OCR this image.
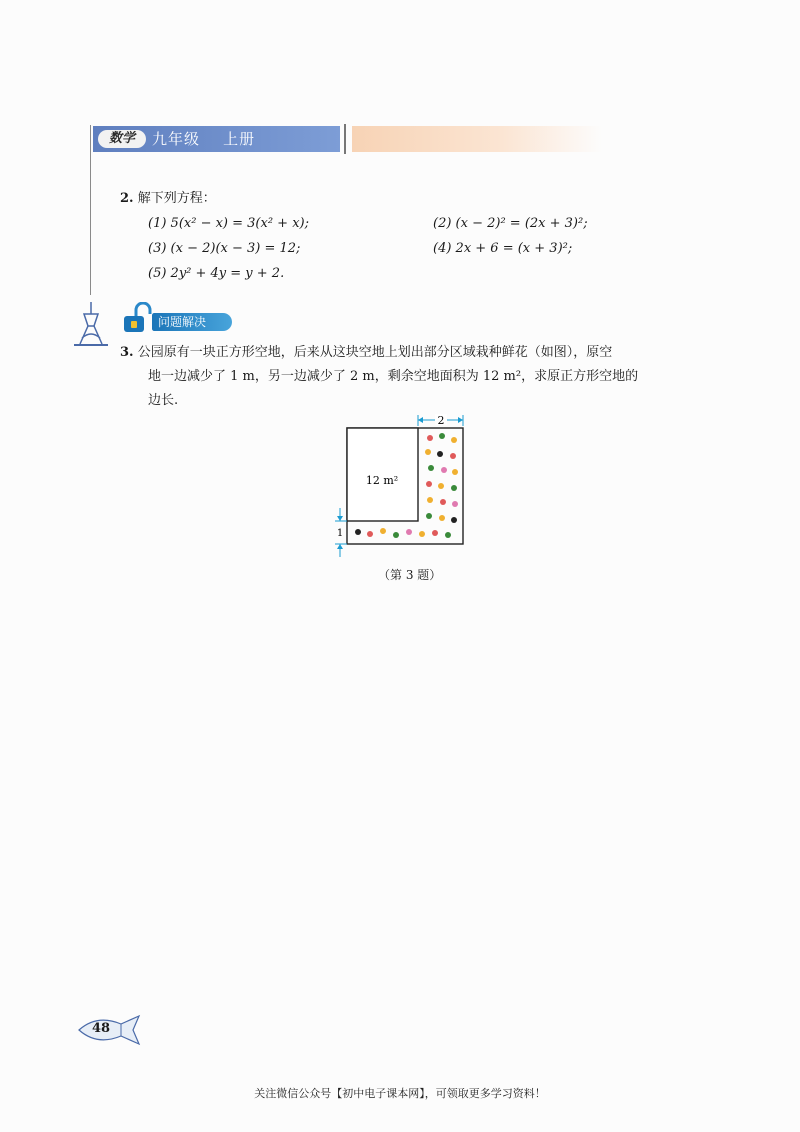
数学	九年级    上册
2. 解下列方程：
(1) 5(x² − x) = 3(x² + x);	(2) (x − 2)² = (2x + 3)²;
(3) (x − 2)(x − 3) = 12;	(4) 2x + 6 = (x + 3)²;
(5) 2y² + 4y = y + 2.
问题解决
3. 公园原有一块正方形空地，后来从这块空地上划出部分区域栽种鲜花（如图），原空
地一边减少了 1 m，另一边减少了 2 m，剩余空地面积为 12 m²，求原正方形空地的
边长.
12 m²
2
1
（第 3 题）
48
关注微信公众号【初中电子课本网】，可领取更多学习资料！
